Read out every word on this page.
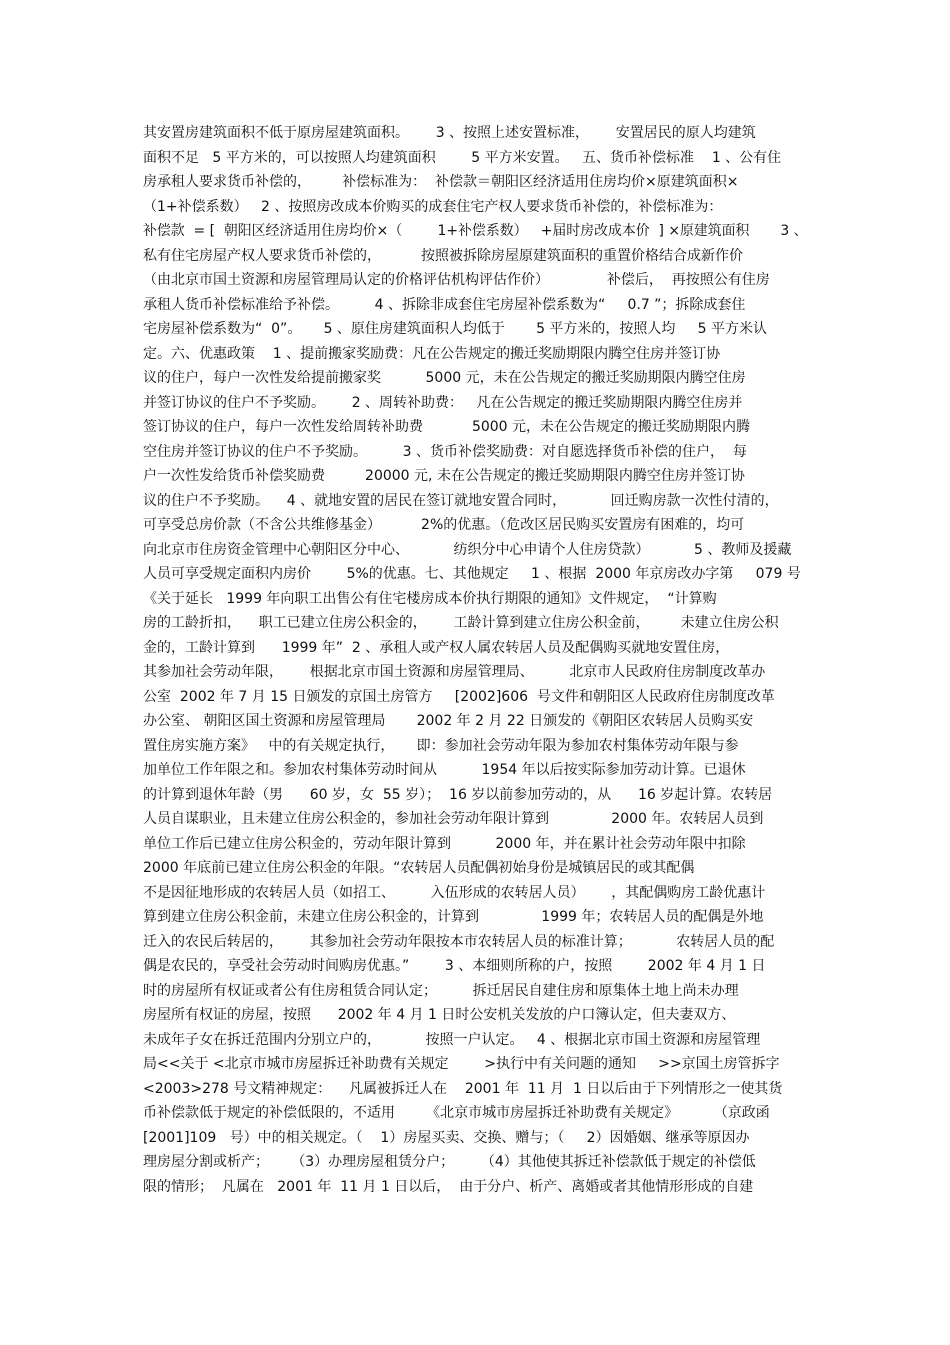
其安置房建筑面积不低于原房屋建筑面积。      3 、按照上述安置标准，      安置居民的原人均建筑
面积不足   5 平方米的，可以按照人均建筑面积        5 平方米安置。   五、货币补偿标准    1 、公有住
房承租人要求货币补偿的，       补偿标准为：  补偿款＝朝阳区经济适用住房均价×原建筑面积×
（1+补偿系数）   2 、按照房改成本价购买的成套住宅产权人要求货币补偿的，补偿标准为：
补偿款  = [  朝阳区经济适用住房均价×（        1+补偿系数）   +届时房改成本价  ] ×原建筑面积       3 、
私有住宅房屋产权人要求货币补偿的，         按照被拆除房屋原建筑面积的重置价格结合成新作价
（由北京市国土资源和房屋管理局认定的价格评估机构评估作价）             补偿后，  再按照公有住房
承租人货币补偿标准给予补偿。        4 、拆除非成套住宅房屋补偿系数为“     0.7 ”；拆除成套住
宅房屋补偿系数为“  0”。     5 、原住房建筑面积人均低于       5 平方米的，按照人均     5 平方米认
定。六、优惠政策    1 、提前搬家奖励费：凡在公告规定的搬迁奖励期限内腾空住房并签订协
议的住户，每户一次性发给提前搬家奖          5000 元，未在公告规定的搬迁奖励期限内腾空住房
并签订协议的住户不予奖励。      2 、周转补助费：   凡在公告规定的搬迁奖励期限内腾空住房并
签订协议的住户，每户一次性发给周转补助费           5000 元，未在公告规定的搬迁奖励期限内腾
空住房并签订协议的住户不予奖励。        3 、货币补偿奖励费：对自愿选择货币补偿的住户，  每
户一次性发给货币补偿奖励费         20000 元, 未在公告规定的搬迁奖励期限内腾空住房并签订协
议的住户不予奖励。    4 、就地安置的居民在签订就地安置合同时，          回迁购房款一次性付清的，
可享受总房价款（不含公共维修基金）         2%的优惠。（危改区居民购买安置房有困难的，均可
向北京市住房资金管理中心朝阳区分中心、          纺织分中心申请个人住房贷款）          5 、教师及援藏
人员可享受规定面积内房价        5%的优惠。七、其他规定     1 、根据  2000 年京房改办字第     079 号
《关于延长   1999 年向职工出售公有住宅楼房成本价执行期限的通知》文件规定，  “计算购
房的工龄折扣，    职工已建立住房公积金的，      工龄计算到建立住房公积金前，       未建立住房公积
金的，工龄计算到      1999 年”  2 、承租人或产权人属农转居人员及配偶购买就地安置住房，
其参加社会劳动年限，      根据北京市国土资源和房屋管理局、        北京市人民政府住房制度改革办
公室  2002 年 7 月 15 日颁发的京国土房管方     [2002]606  号文件和朝阳区人民政府住房制度改革
办公室、 朝阳区国土资源和房屋管理局       2002 年 2 月 22 日颁发的《朝阳区农转居人员购买安
置住房实施方案》   中的有关规定执行，     即：参加社会劳动年限为参加农村集体劳动年限与参
加单位工作年限之和。参加农村集体劳动时间从          1954 年以后按实际参加劳动计算。已退休
的计算到退休年龄（男      60 岁，女  55 岁）；  16 岁以前参加劳动的，从      16 岁起计算。农转居
人员自谋职业，且未建立住房公积金的，参加社会劳动年限计算到              2000 年。农转居人员到
单位工作后已建立住房公积金的，劳动年限计算到          2000 年，并在累计社会劳动年限中扣除
2000 年底前已建立住房公积金的年限。“农转居人员配偶初始身份是城镇居民的或其配偶
不是因征地形成的农转居人员（如招工、        入伍形成的农转居人员）      ，其配偶购房工龄优惠计
算到建立住房公积金前，未建立住房公积金的，计算到              1999 年；农转居人员的配偶是外地
迁入的农民后转居的，      其参加社会劳动年限按本市农转居人员的标准计算；          农转居人员的配
偶是农民的，享受社会劳动时间购房优惠。”        3 、本细则所称的户，按照        2002 年 4 月 1 日
时的房屋所有权证或者公有住房租赁合同认定；        拆迁居民自建住房和原集体土地上尚未办理
房屋所有权证的房屋，按照      2002 年 4 月 1 日时公安机关发放的户口簿认定，但夫妻双方、
未成年子女在拆迁范围内分别立户的，          按照一户认定。   4 、根据北京市国土资源和房屋管理
局<<关于 <北京市城市房屋拆迁补助费有关规定        >执行中有关问题的通知     >>京国土房管拆字
<2003>278 号文精神规定：    凡属被拆迁人在    2001 年  11 月  1 日以后由于下列情形之一使其货
币补偿款低于规定的补偿低限的，不适用       《北京市城市房屋拆迁补助费有关规定》        （京政函
[2001]109   号）中的相关规定。（    1）房屋买卖、交换、赠与；（     2）因婚姻、继承等原因办
理房屋分割或析产；     （3）办理房屋租赁分户；      （4）其他使其拆迁补偿款低于规定的补偿低
限的情形；  凡属在   2001 年  11 月 1 日以后，  由于分户、析产、离婚或者其他情形形成的自建
